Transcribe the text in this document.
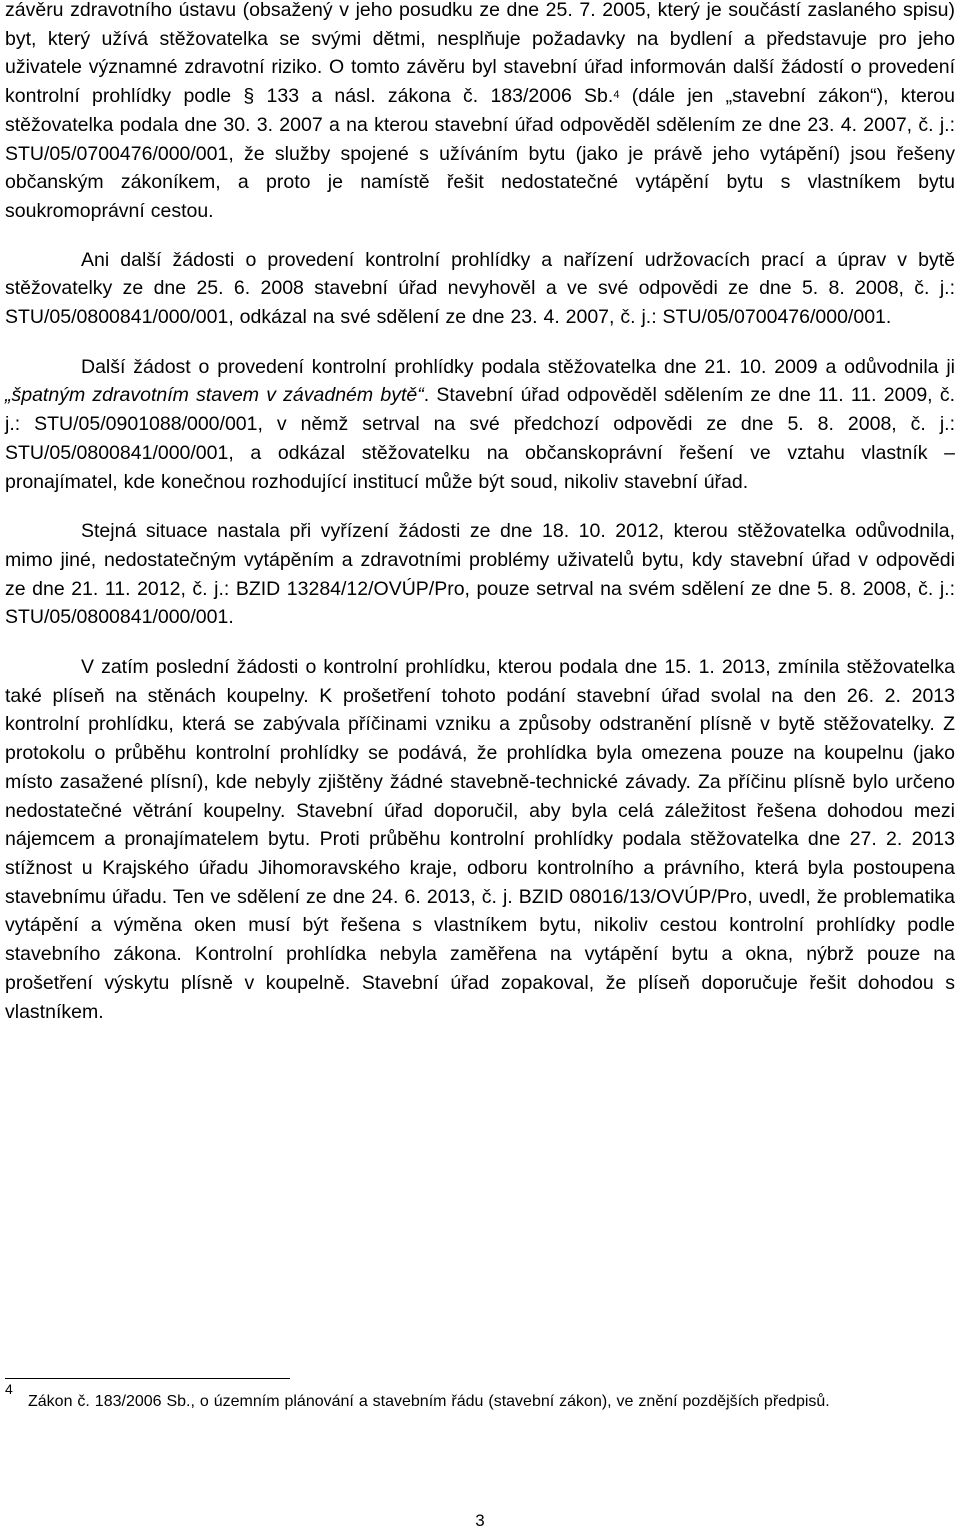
závěru zdravotního ústavu (obsažený v jeho posudku ze dne 25. 7. 2005, který je součástí zaslaného spisu) byt, který užívá stěžovatelka se svými dětmi, nesplňuje požadavky na bydlení a představuje pro jeho uživatele významné zdravotní riziko. O tomto závěru byl stavební úřad informován další žádostí o provedení kontrolní prohlídky podle § 133 a násl. zákona č. 183/2006 Sb.$^4$ (dále jen „stavební zákon“), kterou stěžovatelka podala dne 30. 3. 2007 a na kterou stavební úřad odpověděl sdělením ze dne 23. 4. 2007, č. j.: STU/05/0700476/000/001, že služby spojené s užíváním bytu (jako je právě jeho vytápění) jsou řešeny občanským zákoníkem, a proto je namístě řešit nedostatečné vytápění bytu s vlastníkem bytu soukromoprávní cestou.

Ani další žádosti o provedení kontrolní prohlídky a nařízení udržovacích prací a úprav v bytě stěžovatelky ze dne 25. 6. 2008 stavební úřad nevyhověl a ve své odpovědi ze dne 5. 8. 2008, č. j.: STU/05/0800841/000/001, odkázal na své sdělení ze dne 23. 4. 2007, č. j.: STU/05/0700476/000/001.

Další žádost o provedení kontrolní prohlídky podala stěžovatelka dne 21. 10. 2009 a odůvodnila ji „špatným zdravotním stavem v závadném bytě“. Stavební úřad odpověděl sdělením ze dne 11. 11. 2009, č. j.: STU/05/0901088/000/001, v němž setrval na své předchozí odpovědi ze dne 5. 8. 2008, č. j.: STU/05/0800841/000/001, a odkázal stěžovatelku na občanskoprávní řešení ve vztahu vlastník – pronajímatel, kde konečnou rozhodující institucí může být soud, nikoliv stavební úřad.

Stejná situace nastala při vyřízení žádosti ze dne 18. 10. 2012, kterou stěžovatelka odůvodnila, mimo jiné, nedostatečným vytápěním a zdravotními problémy uživatelů bytu, kdy stavební úřad v odpovědi ze dne 21. 11. 2012, č. j.: BZID 13284/12/OVÚP/Pro, pouze setrval na svém sdělení ze dne 5. 8. 2008, č. j.: STU/05/0800841/000/001.

V zatím poslední žádosti o kontrolní prohlídku, kterou podala dne 15. 1. 2013, zmínila stěžovatelka také plíseň na stěnách koupelny. K prošetření tohoto podání stavební úřad svolal na den 26. 2. 2013 kontrolní prohlídku, která se zabývala příčinami vzniku a způsoby odstranění plísně v bytě stěžovatelky. Z protokolu o průběhu kontrolní prohlídky se podává, že prohlídka byla omezena pouze na koupelnu (jako místo zasažené plísní), kde nebyly zjištěny žádné stavebně-technické závady. Za příčinu plísně bylo určeno nedostatečné větrání koupelny. Stavební úřad doporučil, aby byla celá záležitost řešena dohodou mezi nájemcem a pronajímatelem bytu. Proti průběhu kontrolní prohlídky podala stěžovatelka dne 27. 2. 2013 stížnost u Krajského úřadu Jihomoravského kraje, odboru kontrolního a právního, která byla postoupena stavebnímu úřadu. Ten ve sdělení ze dne 24. 6. 2013, č. j. BZID 08016/13/OVÚP/Pro, uvedl, že problematika vytápění a výměna oken musí být řešena s vlastníkem bytu, nikoliv cestou kontrolní prohlídky podle stavebního zákona. Kontrolní prohlídka nebyla zaměřena na vytápění bytu a okna, nýbrž pouze na prošetření výskytu plísně v koupelně. Stavební úřad zopakoval, že plíseň doporučuje řešit dohodou s vlastníkem.

4
Zákon č. 183/2006 Sb., o územním plánování a stavebním řádu (stavební zákon), ve znění pozdějších předpisů.
3
